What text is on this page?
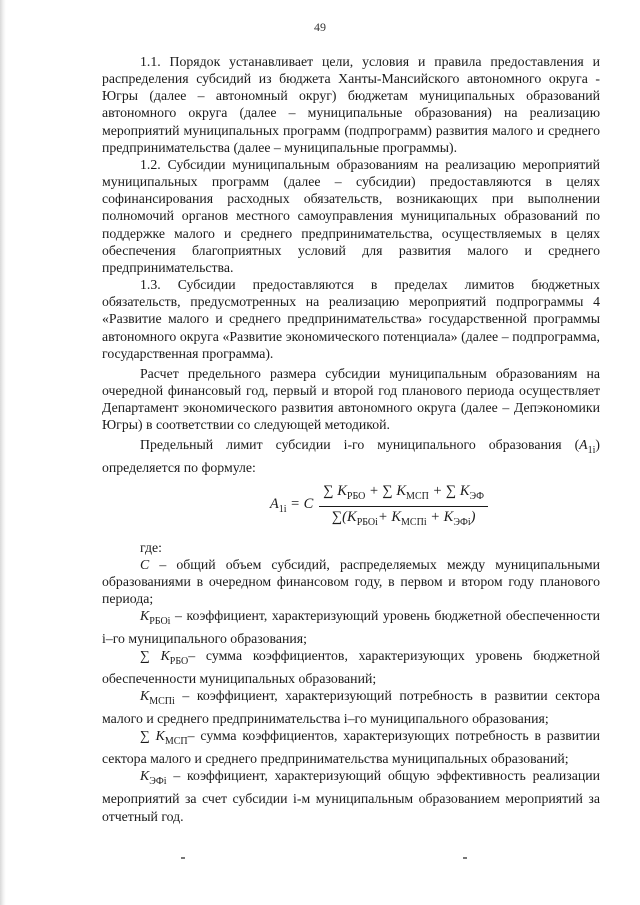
49

1.1. Порядок устанавливает цели, условия и правила предоставления и распределения субсидий из бюджета Ханты-Мансийского автономного округа - Югры (далее – автономный округ) бюджетам муниципальных образований автономного округа (далее – муниципальные образования) на реализацию мероприятий муниципальных программ (подпрограмм) развития малого и среднего предпринимательства (далее – муниципальные программы).

1.2. Субсидии муниципальным образованиям на реализацию мероприятий муниципальных программ (далее – субсидии) предоставляются в целях софинансирования расходных обязательств, возникающих при выполнении полномочий органов местного самоуправления муниципальных образований по поддержке малого и среднего предпринимательства, осуществляемых в целях обеспечения благоприятных условий для развития малого и среднего предпринимательства.

1.3. Субсидии предоставляются в пределах лимитов бюджетных обязательств, предусмотренных на реализацию мероприятий подпрограммы 4 «Развитие малого и среднего предпринимательства» государственной программы автономного округа «Развитие экономического потенциала» (далее – подпрограмма, государственная программа).

Расчет предельного размера субсидии муниципальным образованиям на очередной финансовый год, первый и второй год планового периода осуществляет Департамент экономического развития автономного округа (далее – Депэкономики Югры) в соответствии со следующей методикой.

Предельный лимит субсидии i-го муниципального образования $(A_{1i})$ определяется по формуле:

$A_{1i} = C \frac{\sum K_{РБО} + \sum K_{МСП} + \sum K_{ЭФ}}{\sum(K_{РБОi}+ K_{МСПi} + K_{ЭФi})}$

где:

C – общий объем субсидий, распределяемых между муниципальными образованиями в очередном финансовом году, в первом и втором году планового периода;

$K_{РБОi}$ – коэффициент, характеризующий уровень бюджетной обеспеченности i–го муниципального образования;

∑ $K_{РБО}-$ сумма коэффициентов, характеризующих уровень бюджетной обеспеченности муниципальных образований;

$K_{МСПi}$ – коэффициент, характеризующий потребность в развитии сектора малого и среднего предпринимательства i–го муниципального образования;

∑ $K_{МСП}-$ сумма коэффициентов, характеризующих потребность в развитии сектора малого и среднего предпринимательства муниципальных образований;

$K_{ЭФi}$ – коэффициент, характеризующий общую эффективность реализации мероприятий за счет субсидии i-м муниципальным образованием мероприятий за отчетный год.
